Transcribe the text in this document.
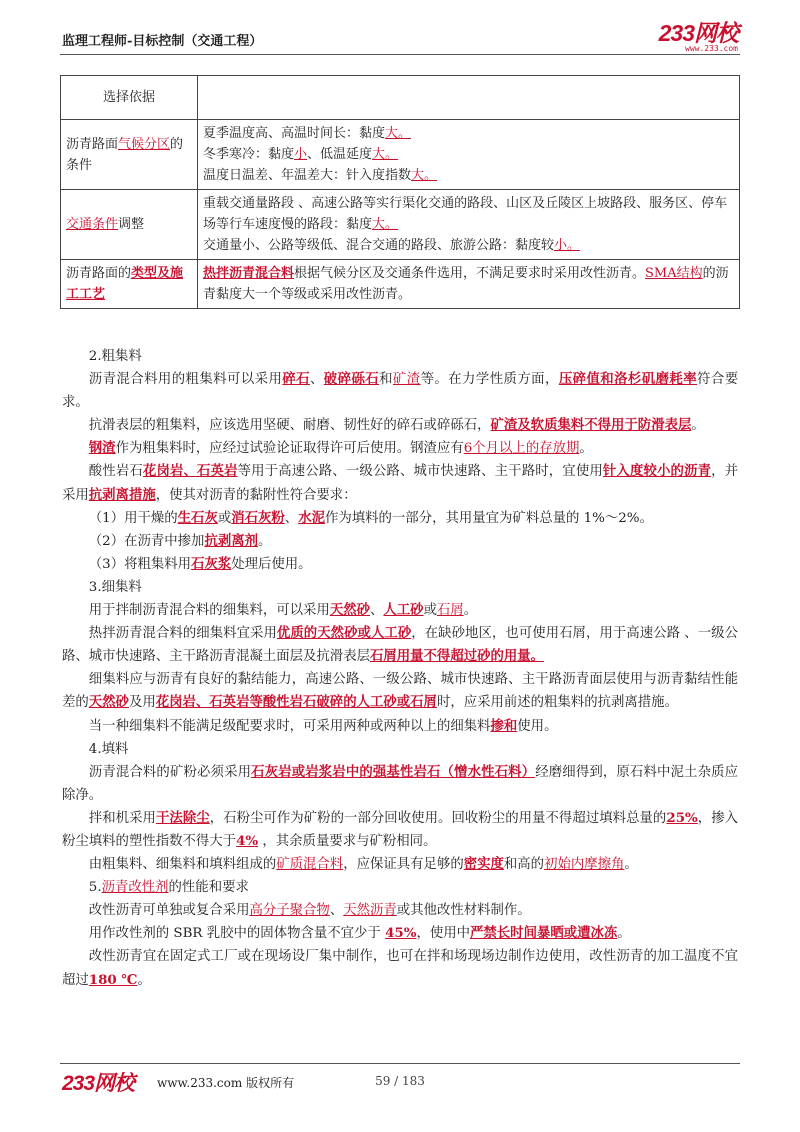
监理工程师-目标控制（交通工程）	233网校
www.233.com
选择依据	
沥青路面气候分区的条件	夏季温度高、高温时间长：黏度大。
冬季寒冷：黏度小、低温延度大。
温度日温差、年温差大：针入度指数大。

交通条件调整	重载交通量路段 、高速公路等实行渠化交通的路段、山区及丘陵区上坡路段、服务区、停车场等行车速度慢的路段：黏度大。
交通量小、公路等级低、混合交通的路段、旅游公路：黏度较小。

沥青路面的类型及施工工艺	热拌沥青混合料根据气候分区及交通条件选用，不满足要求时采用改性沥青。SMA结构的沥青黏度大一个等级或采用改性沥青。

2.粗集料

沥青混合料用的粗集料可以采用碎石、破碎砾石和矿渣等。在力学性质方面，压碎值和洛杉矶磨耗率符合要求。

抗滑表层的粗集料，应该选用坚硬、耐磨、韧性好的碎石或碎砾石，矿渣及软质集料不得用于防滑表层。

钢渣作为粗集料时，应经过试验论证取得许可后使用。钢渣应有6个月以上的存放期。

酸性岩石花岗岩、石英岩等用于高速公路、一级公路、城市快速路、主干路时，宜使用针入度较小的沥青，并采用抗剥离措施，使其对沥青的黏附性符合要求：

（1）用干燥的生石灰或消石灰粉、水泥作为填料的一部分，其用量宜为矿料总量的 1%～2%。

（2）在沥青中掺加抗剥离剂。

（3）将粗集料用石灰浆处理后使用。

3.细集料

用于拌制沥青混合料的细集料，可以采用天然砂、人工砂或石屑。

热拌沥青混合料的细集料宜采用优质的天然砂或人工砂，在缺砂地区，也可使用石屑，用于高速公路 、一级公路、城市快速路、主干路沥青混凝土面层及抗滑表层石屑用量不得超过砂的用量。

细集料应与沥青有良好的黏结能力，高速公路、一级公路、城市快速路、主干路沥青面层使用与沥青黏结性能差的天然砂及用花岗岩、石英岩等酸性岩石破碎的人工砂或石屑时，应采用前述的粗集料的抗剥离措施。

当一种细集料不能满足级配要求时，可采用两种或两种以上的细集料掺和使用。

4.填料

沥青混合料的矿粉必须采用石灰岩或岩浆岩中的强基性岩石（憎水性石料）经磨细得到，原石料中泥土杂质应除净。

拌和机采用干法除尘，石粉尘可作为矿粉的一部分回收使用。回收粉尘的用量不得超过填料总量的25%，掺入粉尘填料的塑性指数不得大于4% ，其余质量要求与矿粉相同。

由粗集料、细集料和填料组成的矿质混合料，应保证具有足够的密实度和高的初始内摩擦角。

5.沥青改性剂的性能和要求

改性沥青可单独或复合采用高分子聚合物、天然沥青或其他改性材料制作。

用作改性剂的 SBR 乳胶中的固体物含量不宜少于 45%，使用中严禁长时间暴晒或遭冰冻。

改性沥青宜在固定式工厂或在现场设厂集中制作，也可在拌和场现场边制作边使用，改性沥青的加工温度不宜超过180 ℃。

233网校 www.233.com 版权所有	59 / 183
